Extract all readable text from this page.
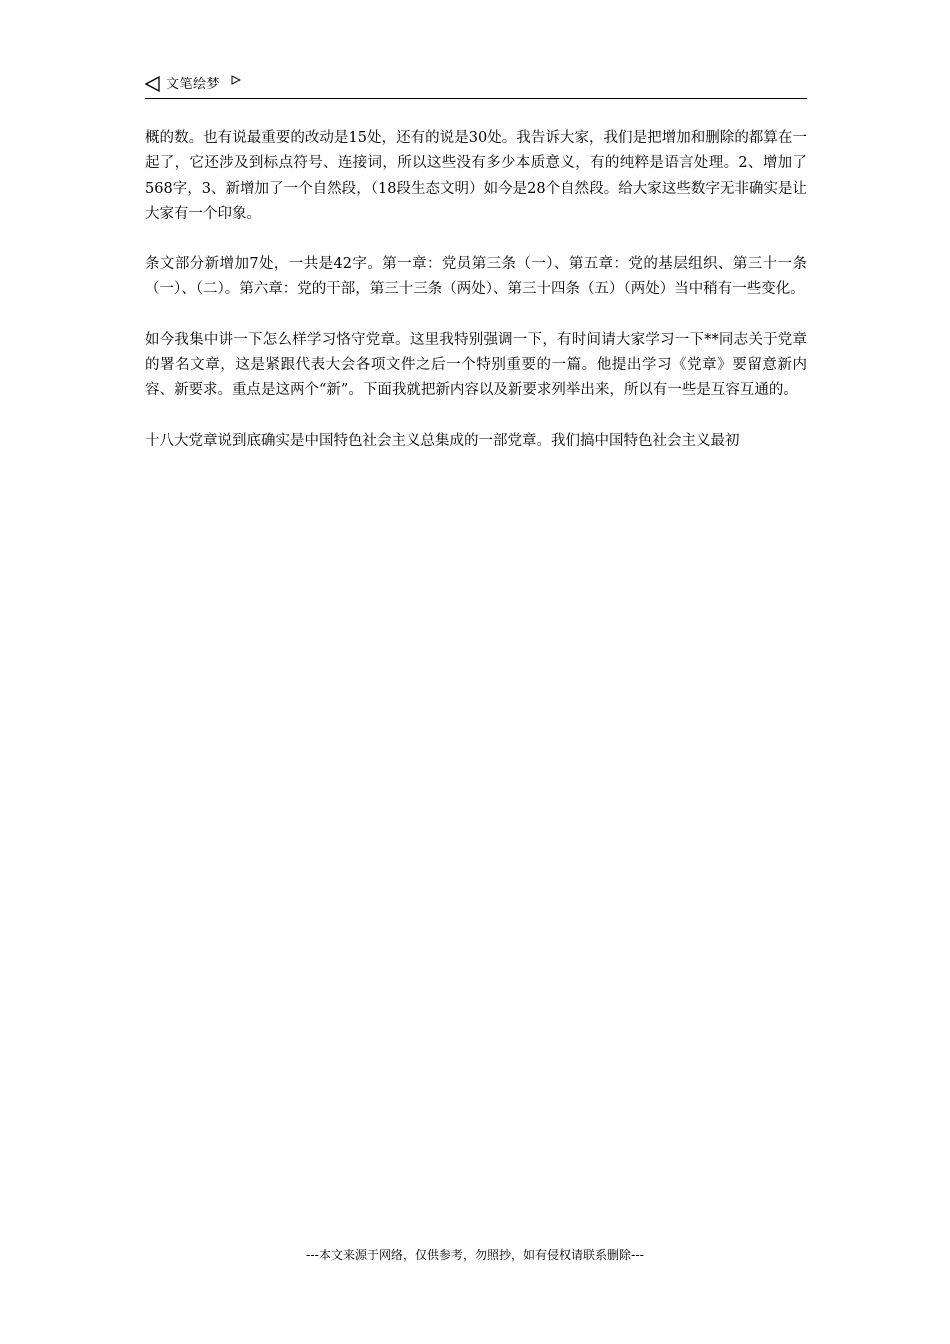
文笔绘梦

概的数。也有说最重要的改动是15处，还有的说是30处。我告诉大家，我们是把增加和删除的都算在一起了，它还涉及到标点符号、连接词，所以这些没有多少本质意义，有的纯粹是语言处理。2、增加了568字，3、新增加了一个自然段，（18段生态文明）如今是28个自然段。给大家这些数字无非确实是让大家有一个印象。

条文部分新增加7处，一共是42字。第一章：党员第三条（一）、第五章：党的基层组织、第三十一条（一）、（二）。第六章：党的干部，第三十三条（两处）、第三十四条（五）（两处）当中稍有一些变化。

如今我集中讲一下怎么样学习恪守党章。这里我特别强调一下，有时间请大家学习一下**同志关于党章的署名文章，这是紧跟代表大会各项文件之后一个特别重要的一篇。他提出学习《党章》要留意新内容、新要求。重点是这两个“新”。下面我就把新内容以及新要求列举出来，所以有一些是互容互通的。

十八大党章说到底确实是中国特色社会主义总集成的一部党章。我们搞中国特色社会主义最初

---本文来源于网络，仅供参考，勿照抄，如有侵权请联系删除---
